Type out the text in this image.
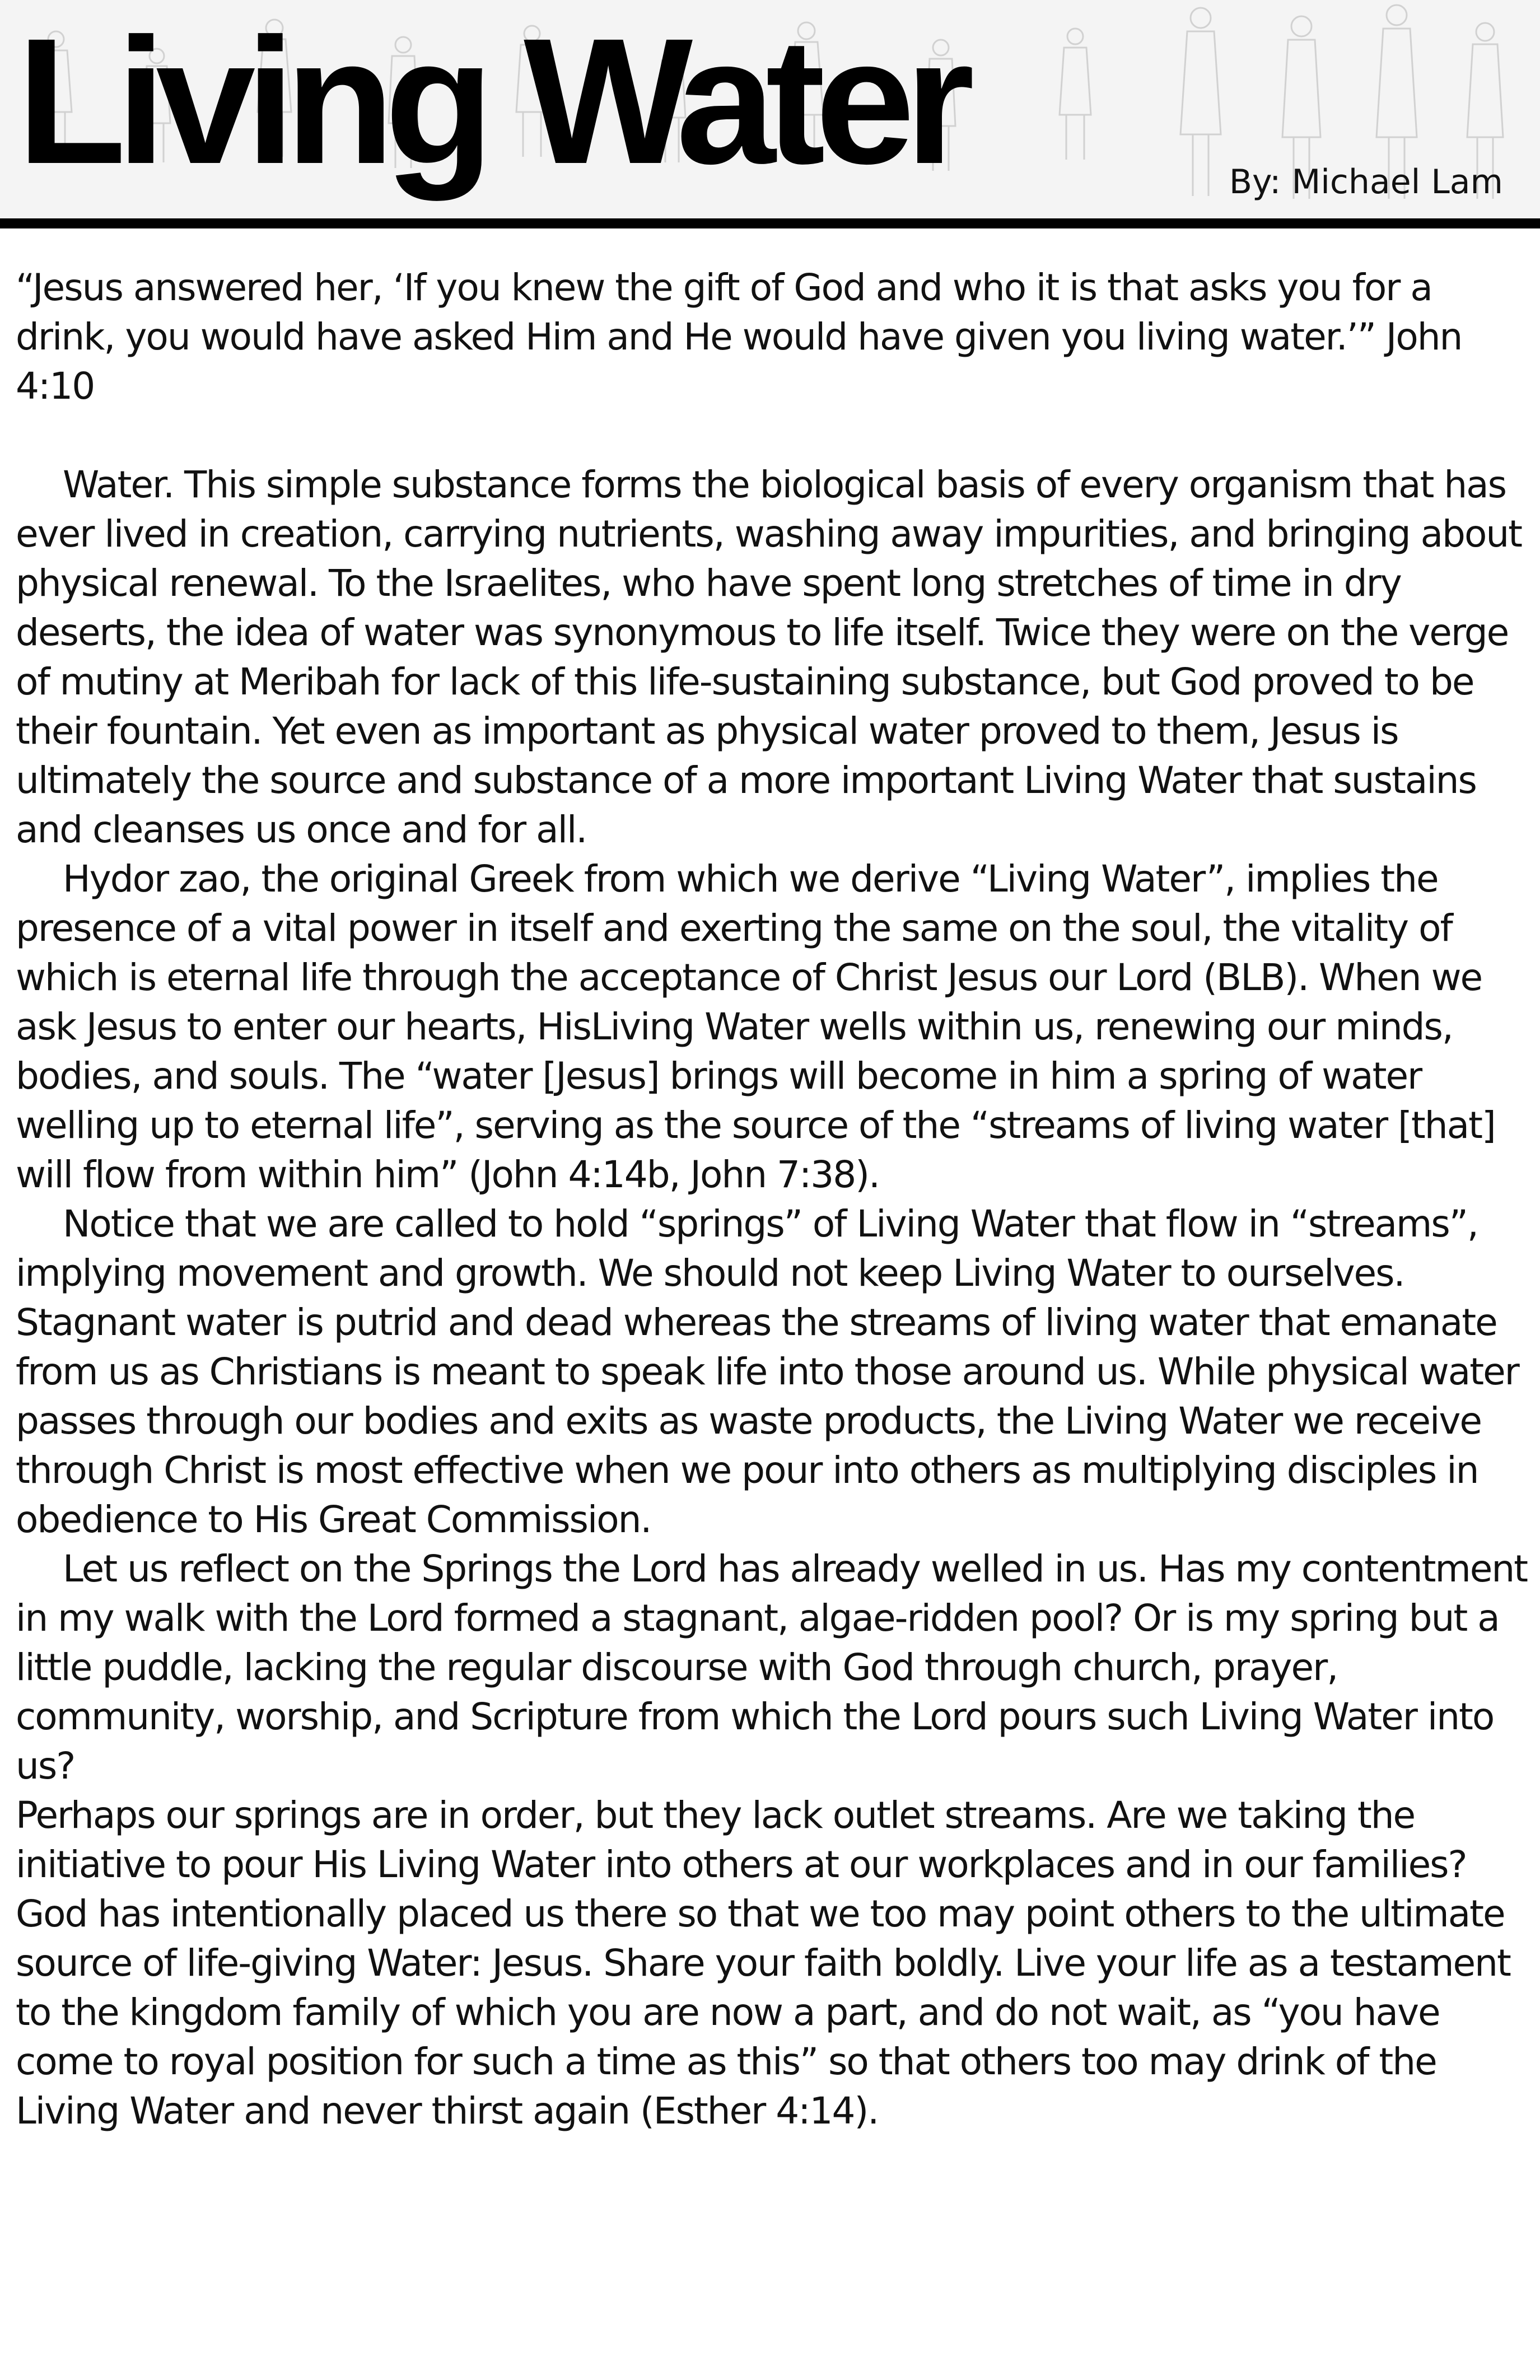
Living Water	By: Michael Lam

“Jesus answered her, ‘If you knew the gift of God and who it is that asks you for a drink, you would have asked Him and He would have given you living water.’” John 4:10

Water. This simple substance forms the biological basis of every organism that has ever lived in creation, carrying nutrients, washing away impurities, and bringing about physical renewal. To the Israelites, who have spent long stretches of time in dry deserts, the idea of water was synonymous to life itself. Twice they were on the verge of mutiny at Meribah for lack of this life-sustaining substance, but God proved to be their fountain. Yet even as important as physical water proved to them, Jesus is ultimately the source and substance of a more important Living Water that sustains and cleanses us once and for all.

Hydor zao, the original Greek from which we derive “Living Water”, implies the presence of a vital power in itself and exerting the same on the soul, the vitality of which is eternal life through the acceptance of Christ Jesus our Lord (BLB). When we ask Jesus to enter our hearts, HisLiving Water wells within us, renewing our minds, bodies, and souls. The “water [Jesus] brings will become in him a spring of water welling up to eternal life”, serving as the source of the “streams of living water [that] will flow from within him” (John 4:14b, John 7:38).

Notice that we are called to hold “springs” of Living Water that flow in “streams”, implying movement and growth. We should not keep Living Water to ourselves. Stagnant water is putrid and dead whereas the streams of living water that emanate from us as Christians is meant to speak life into those around us. While physical water passes through our bodies and exits as waste products, the Living Water we receive through Christ is most effective when we pour into others as multiplying disciples in obedience to His Great Commission.

Let us reflect on the Springs the Lord has already welled in us. Has my contentment in my walk with the Lord formed a stagnant, algae-ridden pool? Or is my spring but a little puddle, lacking the regular discourse with God through church, prayer, community, worship, and Scripture from which the Lord pours such Living Water into us?

Perhaps our springs are in order, but they lack outlet streams. Are we taking the initiative to pour His Living Water into others at our workplaces and in our families? God has intentionally placed us there so that we too may point others to the ultimate source of life-giving Water: Jesus. Share your faith boldly. Live your life as a testament to the kingdom family of which you are now a part, and do not wait, as “you have come to royal position for such a time as this” so that others too may drink of the Living Water and never thirst again (Esther 4:14).
